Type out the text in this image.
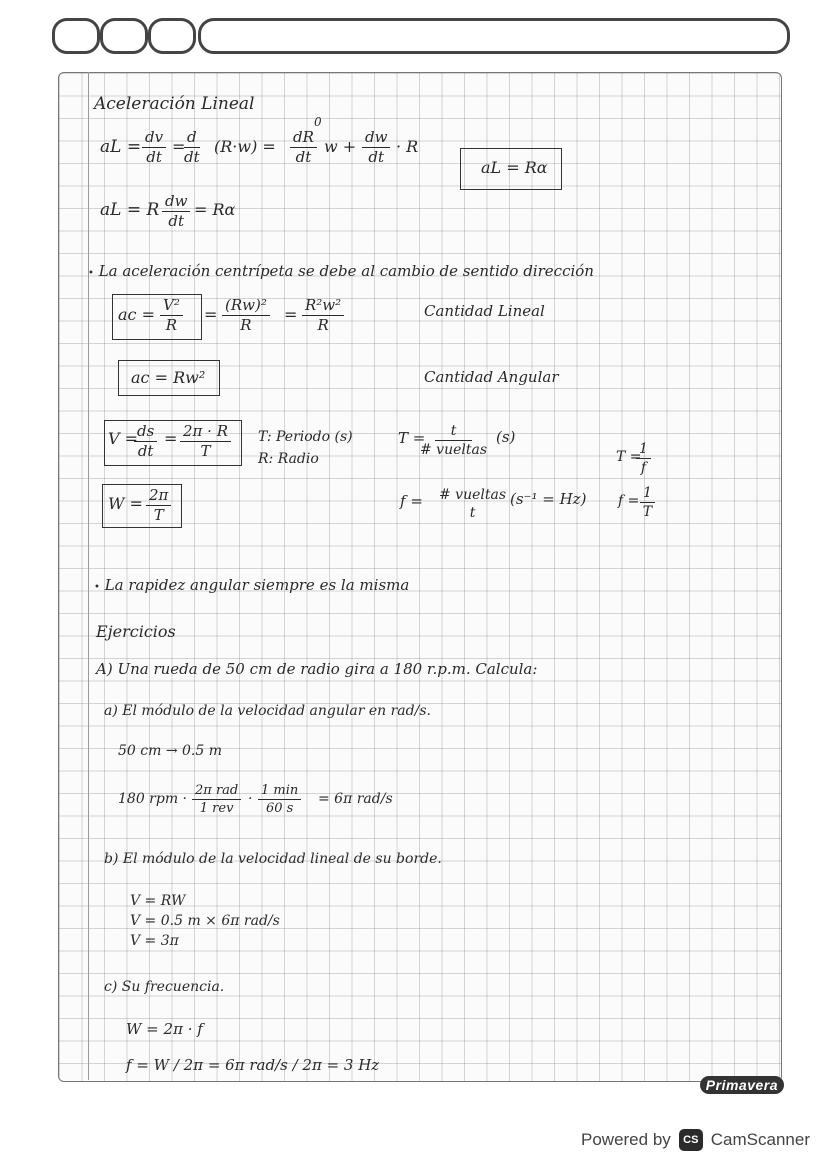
Aceleración Lineal
aL = $\frac{dv}{dt}$ =
$\frac{d}{dt} (R\cdot w)$ =
0
$\frac{dR}{dt}$ $w + \frac{dw}{dt} \cdot R$
aL = Rα
aL = R $\frac{dw}{dt} = R\alpha$
• La aceleración centrípeta se debe al cambio de sentido dirección
ac = $\frac{\text{V²}}{R} = \frac{\text{(Rw)²}}{R} = \frac{\text{R²w²}}{R}$	Cantidad Lineal
ac = Rw²	Cantidad Angular
V =
$\frac{ds}{dt} = \frac{2\pi \cdot R}{T} T$: Periodo (s)
R: Radio
T =	t
# vueltas
(s)
T =
$\frac{1}{f}$
$W = \frac{2\pi}{T}$	f = # vueltas
t
(s⁻¹ = Hz) $f = \frac{1}{T}$
• La rapidez angular siempre es la misma
Ejercicios
A) Una rueda de 50 cm de radio gira a 180 r.p.m. Calcula:
a) El módulo de la velocidad angular en rad/s.
50 cm → 0.5 m
180 rpm ·
2π rad
1 rev
·
1 min
60 s
= 6π rad/s
b) El módulo de la velocidad lineal de su borde.
V = RW
V = 0.5 m × 6π rad/s
V = 3π
c) Su frecuencia.
W = 2π · f
f = W / 2π = 6π rad/s / 2π = 3 Hz
Primavera
Powered by	CS CamScanner
